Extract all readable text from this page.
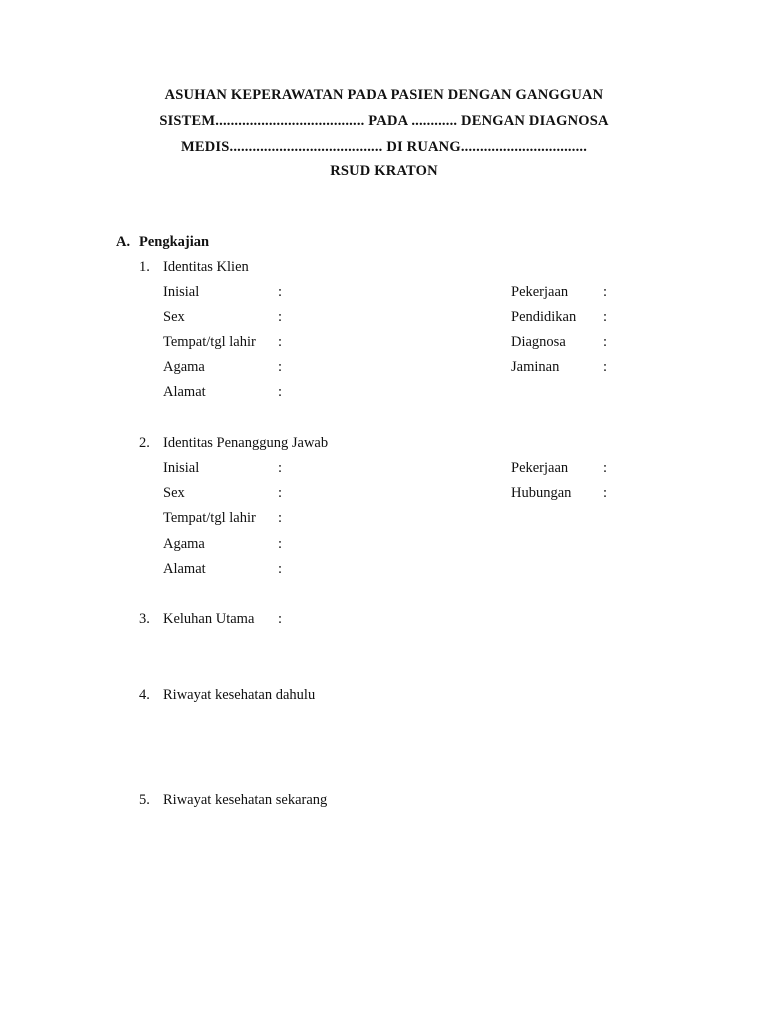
ASUHAN KEPERAWATAN PADA PASIEN DENGAN GANGGUAN
SISTEM....................................... PADA ............ DENGAN DIAGNOSA
MEDIS........................................ DI RUANG.................................
RSUD KRATON
A. Pengkajian
1. Identitas Klien
Inisial	:	Pekerjaan :
Sex	:	Pendidikan :
Tempat/tgl lahir :	Diagnosa	:
Agama	:	Jaminan	:
Alamat	:
2. Identitas Penanggung Jawab
Inisial	:	Pekerjaan :
Sex	:	Hubungan :
Tempat/tgl lahir :
Agama	:
Alamat	:
3. Keluhan Utama :
4. Riwayat kesehatan dahulu
5. Riwayat kesehatan sekarang
